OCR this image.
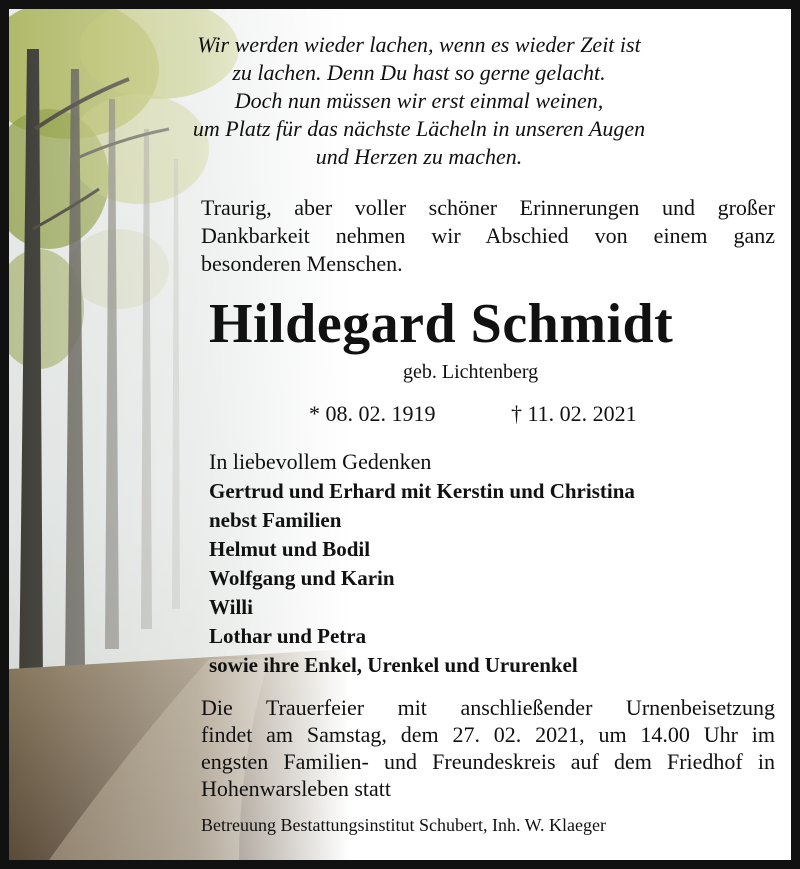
Wir werden wieder lachen, wenn es wieder Zeit ist
zu lachen. Denn Du hast so gerne gelacht.
Doch nun müssen wir erst einmal weinen,
um Platz für das nächste Lächeln in unseren Augen
und Herzen zu machen.
Traurig, aber voller schöner Erinnerungen und großer
Dankbarkeit nehmen wir Abschied von einem ganz
besonderen Menschen.
Hildegard Schmidt
geb. Lichtenberg
* 08. 02. 1919	† 11. 02. 2021
In liebevollem Gedenken
Gertrud und Erhard mit Kerstin und Christina
nebst Familien
Helmut und Bodil
Wolfgang und Karin
Willi
Lothar und Petra
sowie ihre Enkel, Urenkel und Ururenkel
Die Trauerfeier mit anschließender Urnenbeisetzung
findet am Samstag, dem 27. 02. 2021, um 14.00 Uhr im
engsten Familien- und Freundeskreis auf dem Friedhof in
Hohenwarsleben statt
Betreuung Bestattungsinstitut Schubert, Inh. W. Klaeger
